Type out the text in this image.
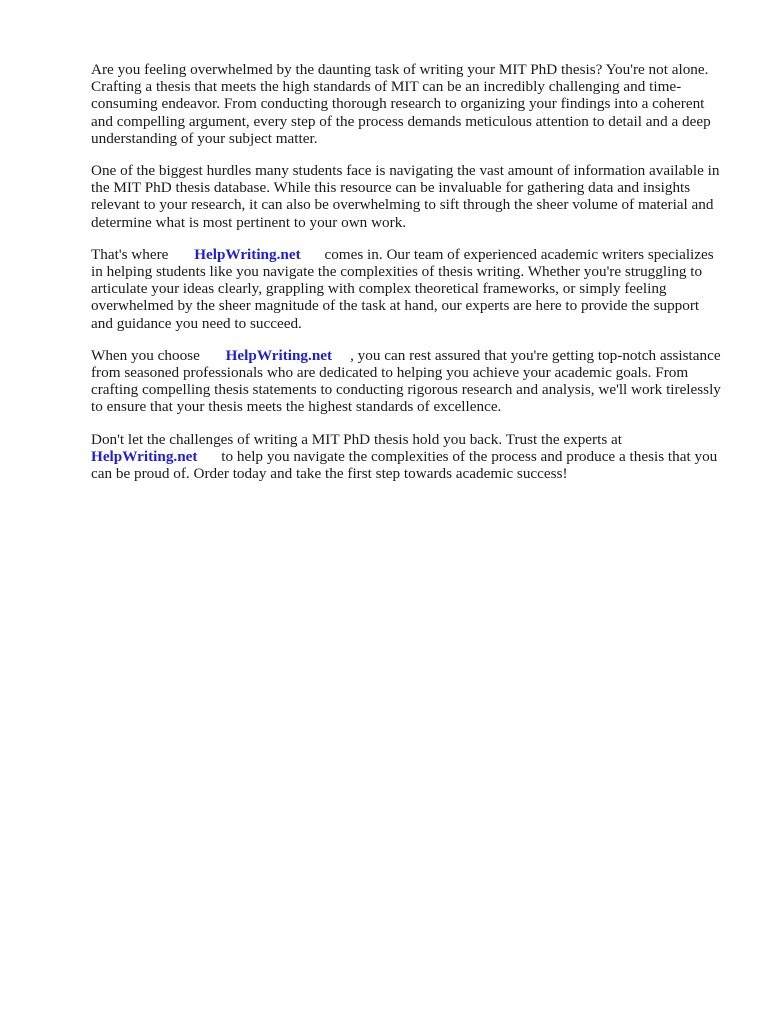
Are you feeling overwhelmed by the daunting task of writing your MIT PhD thesis? You're not alone. Crafting a thesis that meets the high standards of MIT can be an incredibly challenging and time-consuming endeavor. From conducting thorough research to organizing your findings into a coherent and compelling argument, every step of the process demands meticulous attention to detail and a deep understanding of your subject matter.

One of the biggest hurdles many students face is navigating the vast amount of information available in the MIT PhD thesis database. While this resource can be invaluable for gathering data and insights relevant to your research, it can also be overwhelming to sift through the sheer volume of material and determine what is most pertinent to your own work.

That's where HelpWriting.net comes in. Our team of experienced academic writers specializes in helping students like you navigate the complexities of thesis writing. Whether you're struggling to articulate your ideas clearly, grappling with complex theoretical frameworks, or simply feeling overwhelmed by the sheer magnitude of the task at hand, our experts are here to provide the support and guidance you need to succeed.

When you choose HelpWriting.net , you can rest assured that you're getting top-notch assistance from seasoned professionals who are dedicated to helping you achieve your academic goals. From crafting compelling thesis statements to conducting rigorous research and analysis, we'll work tirelessly to ensure that your thesis meets the highest standards of excellence.

Don't let the challenges of writing a MIT PhD thesis hold you back. Trust the experts at HelpWriting.net to help you navigate the complexities of the process and produce a thesis that you can be proud of. Order today and take the first step towards academic success!
